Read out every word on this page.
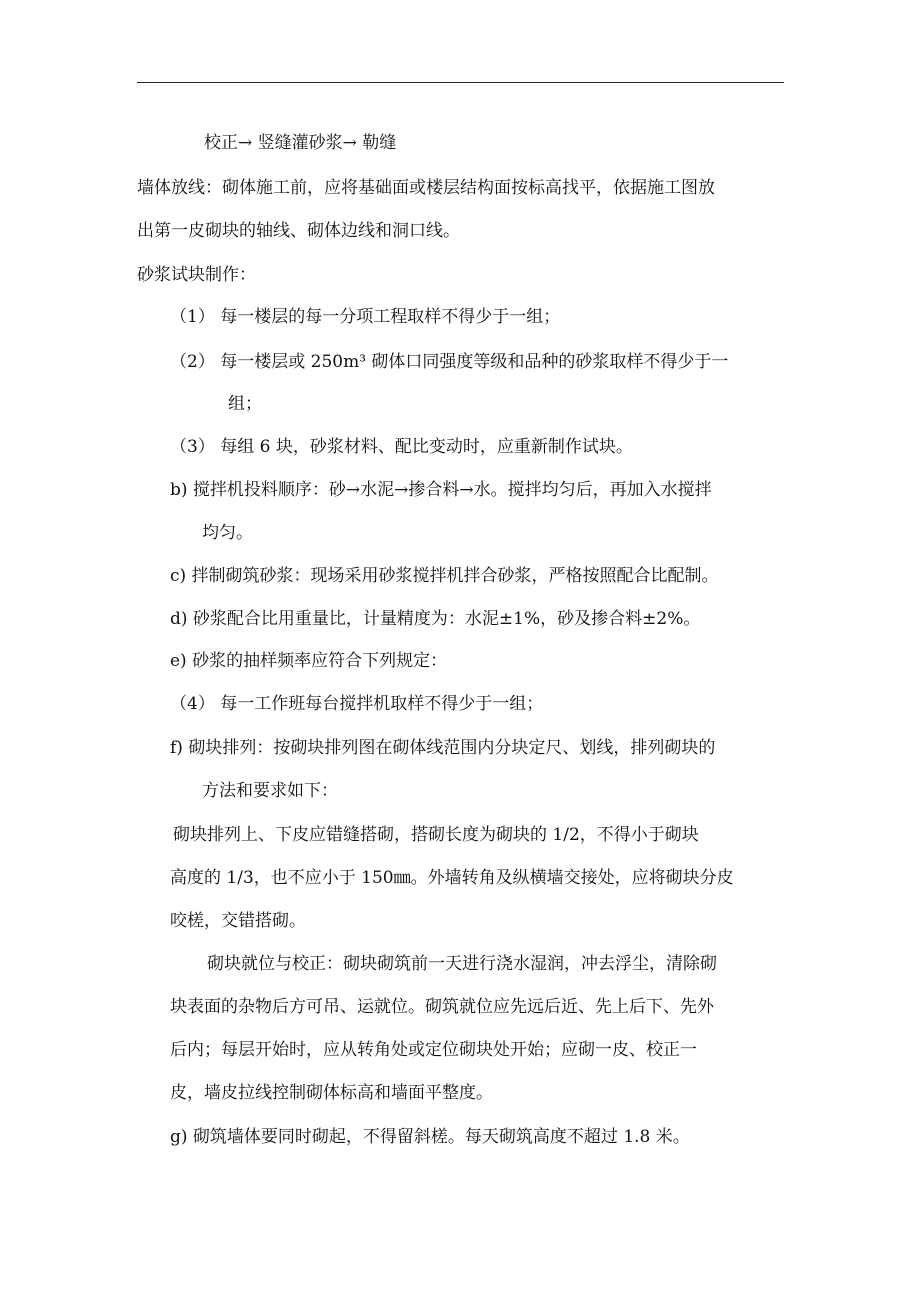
校正→ 竖缝灌砂浆→ 勒缝
墙体放线：砌体施工前，应将基础面或楼层结构面按标高找平，依据施工图放
出第一皮砌块的轴线、砌体边线和洞口线。
砂浆试块制作：
（1） 每一楼层的每一分项工程取样不得少于一组；
（2） 每一楼层或 250m³ 砌体口同强度等级和品种的砂浆取样不得少于一
组；
（3） 每组 6 块，砂浆材料、配比变动时，应重新制作试块。
b) 搅拌机投料顺序：砂→水泥→掺合料→水。搅拌均匀后，再加入水搅拌
均匀。
c) 拌制砌筑砂浆：现场采用砂浆搅拌机拌合砂浆，严格按照配合比配制。
d) 砂浆配合比用重量比，计量精度为：水泥±1%，砂及掺合料±2%。
e) 砂浆的抽样频率应符合下列规定：
（4） 每一工作班每台搅拌机取样不得少于一组；
f) 砌块排列：按砌块排列图在砌体线范围内分块定尺、划线，排列砌块的
方法和要求如下：
砌块排列上、下皮应错缝搭砌，搭砌长度为砌块的 1/2，不得小于砌块
高度的 1/3，也不应小于 150㎜。外墙转角及纵横墙交接处，应将砌块分皮
咬槎，交错搭砌。
砌块就位与校正：砌块砌筑前一天进行浇水湿润，冲去浮尘，清除砌
块表面的杂物后方可吊、运就位。砌筑就位应先远后近、先上后下、先外
后内；每层开始时，应从转角处或定位砌块处开始；应砌一皮、校正一
皮，墙皮拉线控制砌体标高和墙面平整度。
g) 砌筑墙体要同时砌起，不得留斜槎。每天砌筑高度不超过 1.8 米。
